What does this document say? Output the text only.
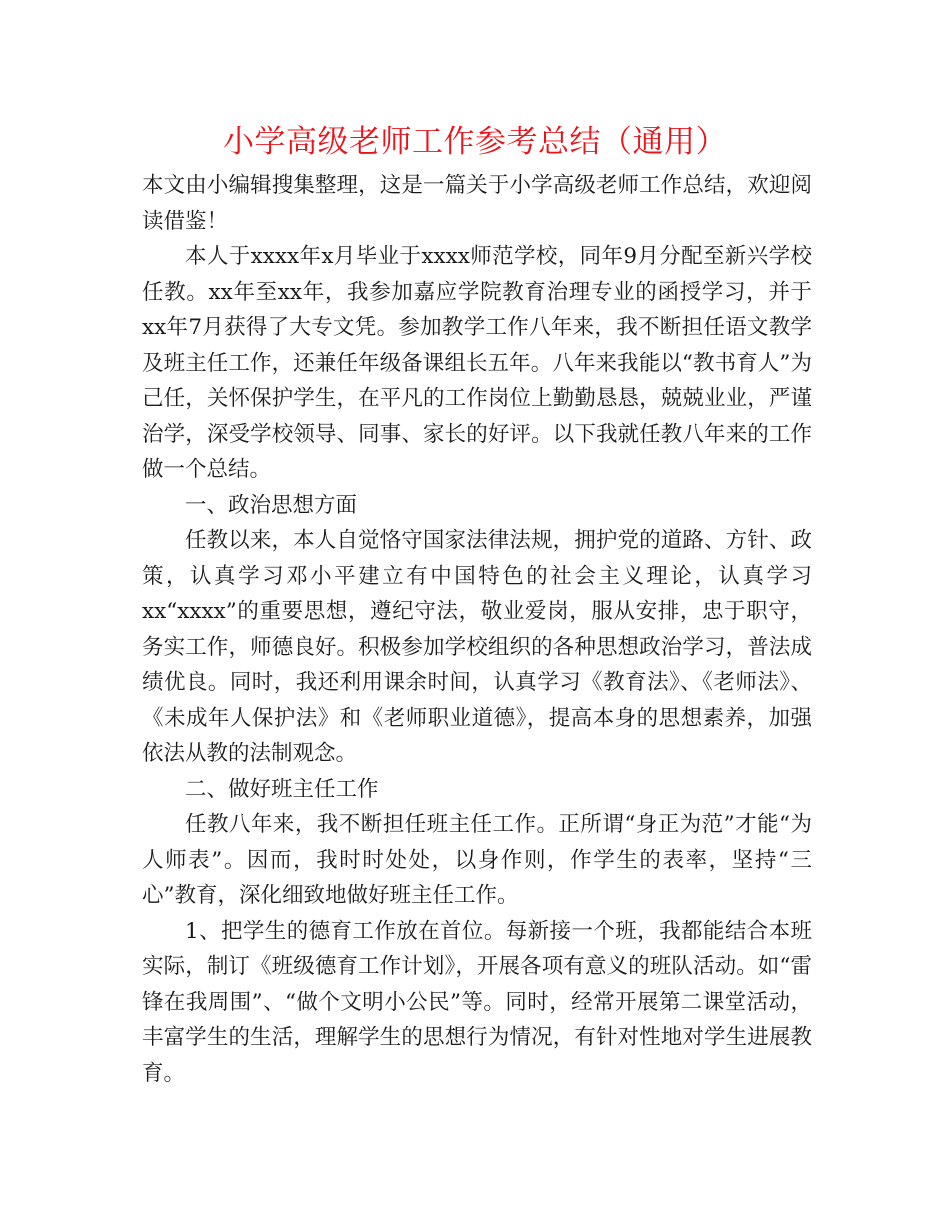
小学高级老师工作参考总结（通用）

本文由小编辑搜集整理，这是一篇关于小学高级老师工作总结，欢迎阅读借鉴！

本人于xxxx年x月毕业于xxxx师范学校，同年9月分配至新兴学校任教。xx年至xx年，我参加嘉应学院教育治理专业的函授学习，并于xx年7月获得了大专文凭。参加教学工作八年来，我不断担任语文教学及班主任工作，还兼任年级备课组长五年。八年来我能以“教书育人”为己任，关怀保护学生，在平凡的工作岗位上勤勤恳恳，兢兢业业，严谨治学，深受学校领导、同事、家长的好评。以下我就任教八年来的工作做一个总结。

一、政治思想方面

任教以来，本人自觉恪守国家法律法规，拥护党的道路、方针、政策，认真学习邓小平建立有中国特色的社会主义理论，认真学习xx“xxxx”的重要思想，遵纪守法，敬业爱岗，服从安排，忠于职守，务实工作，师德良好。积极参加学校组织的各种思想政治学习，普法成绩优良。同时，我还利用课余时间，认真学习《教育法》、《老师法》、《未成年人保护法》和《老师职业道德》，提高本身的思想素养，加强依法从教的法制观念。

二、做好班主任工作

任教八年来，我不断担任班主任工作。正所谓“身正为范”才能“为人师表”。因而，我时时处处，以身作则，作学生的表率，坚持“三 心”教育，深化细致地做好班主任工作。

1、把学生的德育工作放在首位。每新接一个班，我都能结合本班实际，制订《班级德育工作计划》，开展各项有意义的班队活动。如“雷锋在我周围”、“做个文明小公民”等。同时，经常开展第二课堂活动，丰富学生的生活，理解学生的思想行为情况，有针对性地对学生进展教育。
